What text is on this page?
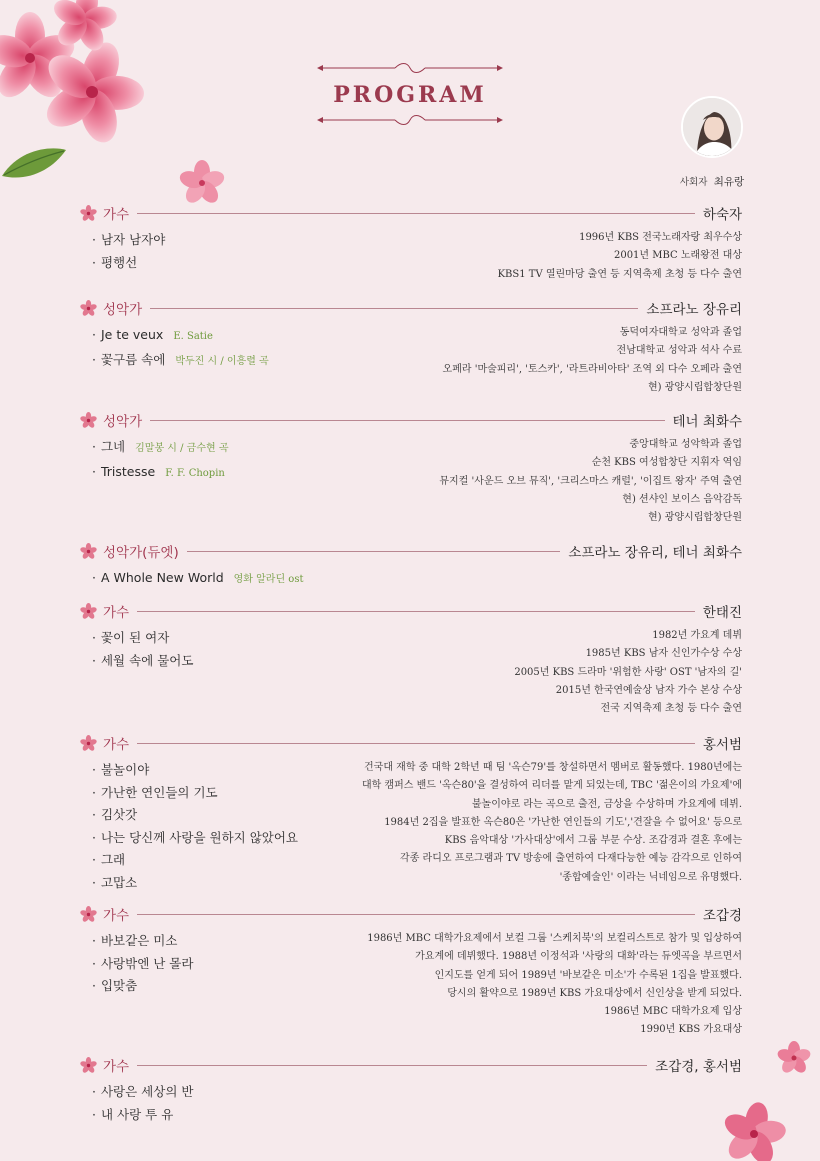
PROGRAM
사회자 최유랑
가수	하숙자
· 남자 남자야
· 평행선
1996년 KBS 전국노래자랑 최우수상
2001년 MBC 노래왕전 대상
KBS1 TV 열린마당 출연 등 지역축제 초청 등 다수 출연
성악가	소프라노 장유리
· Je te veux E. Satie
· 꽃구름 속에 박두진 시 / 이흥렬 곡
동덕여자대학교 성악과 졸업
전남대학교 성악과 석사 수료
오페라 '마술피리', '토스카', '라트라비아타' 조역 외 다수 오페라 출연
현) 광양시립합창단원
성악가	테너 최화수
· 그네 김말봉 시 / 금수현 곡
· Tristesse F. F. Chopin
중앙대학교 성악학과 졸업
순천 KBS 여성합창단 지휘자 역임
뮤지컬 '사운드 오브 뮤직', '크리스마스 캐럴', '이집트 왕자' 주역 출연
현) 션샤인 보이스 음악감독
현) 광양시립합창단원
성악가(듀엣)	소프라노 장유리, 테너 최화수
· A Whole New World 영화 알라딘 ost
가수	한태진
· 꽃이 된 여자
· 세월 속에 물어도
1982년 가요계 데뷔
1985년 KBS 남자 신인가수상 수상
2005년 KBS 드라마 '위험한 사랑' OST '남자의 길'
2015년 한국연예술상 남자 가수 본상 수상
전국 지역축제 초청 등 다수 출연
가수	홍서범
· 불놀이야
· 가난한 연인들의 기도
· 김삿갓
· 나는 당신께 사랑을 원하지 않았어요
· 그래
· 고맙소
건국대 재학 중 대학 2학년 때 팀 '옥슨79'를 창설하면서 멤버로 활동했다. 1980년에는
대학 캠퍼스 밴드 '옥슨80'을 결성하여 리더를 맡게 되었는데, TBC '젊은이의 가요제'에
불놀이야로 라는 곡으로 출전, 금상을 수상하며 가요계에 데뷔.
1984년 2집을 발표한 옥슨80은 '가난한 연인들의 기도','견잘을 수 없어요' 등으로
KBS 음악대상 '가사대상'에서 그룹 부문 수상. 조갑경과 결혼 후에는
각종 라디오 프로그램과 TV 방송에 출연하여 다재다능한 예능 감각으로 인하여
'종합예술인' 이라는 닉네임으로 유명했다.
가수	조갑경
· 바보같은 미소
· 사랑밖엔 난 몰라
· 입맞춤
1986년 MBC 대학가요제에서 보컬 그룹 '스케치북'의 보컬리스트로 참가 및 입상하여
가요계에 데뷔했다. 1988년 이정석과 '사랑의 대화'라는 듀엣곡을 부르면서
인지도를 얻게 되어 1989년 '바보같은 미소'가 수록된 1집을 발표했다.
당시의 활약으로 1989년 KBS 가요대상에서 신인상을 받게 되었다.
1986년 MBC 대학가요제 입상
1990년 KBS 가요대상
가수	조갑경, 홍서범
· 사랑은 세상의 반
· 내 사랑 투 유
